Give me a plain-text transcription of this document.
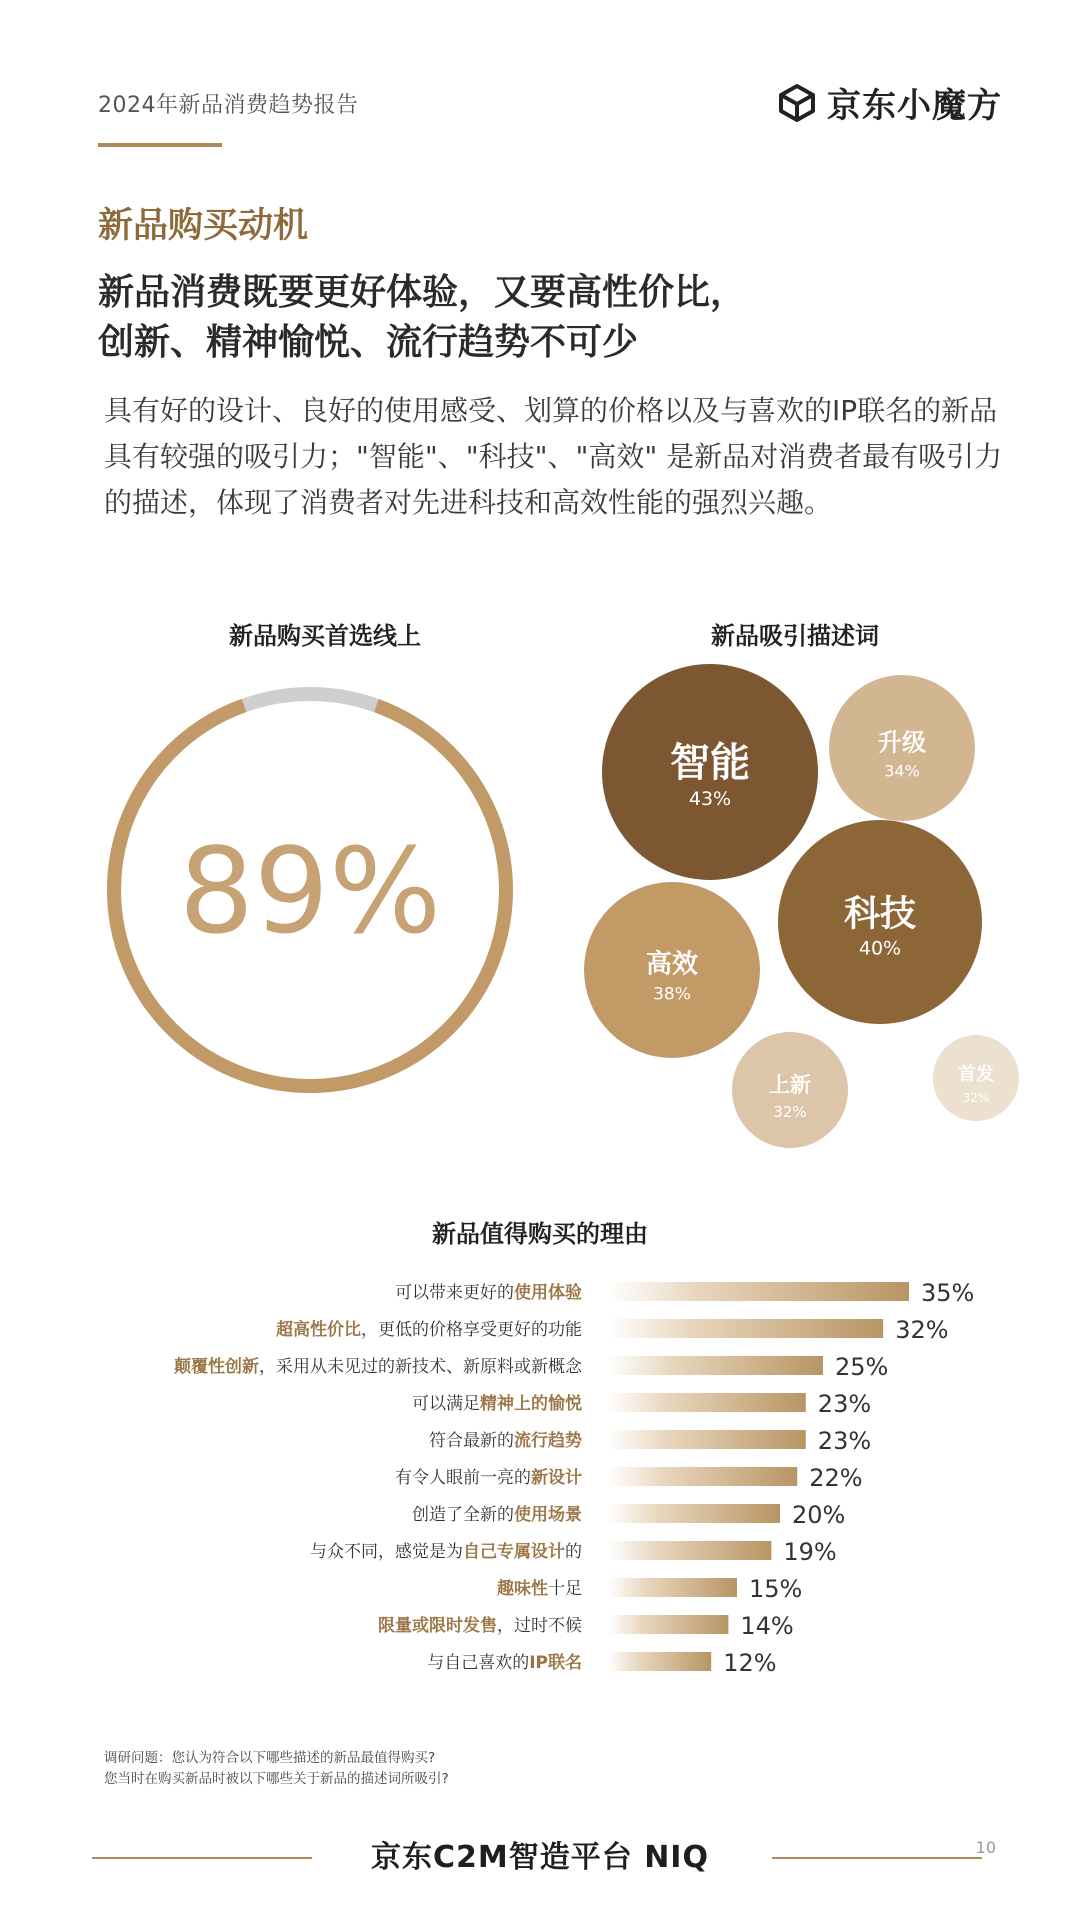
2024年新品消费趋势报告	京东小魔方
新品购买动机
新品消费既要更好体验，又要高性价比，
创新、精神愉悦、流行趋势不可少
具有好的设计、良好的使用感受、划算的价格以及与喜欢的IP联名的新品具有较强的吸引力；"智能"、"科技"、"高效" 是新品对消费者最有吸引力的描述，体现了消费者对先进科技和高效性能的强烈兴趣。
新品购买首选线上
89%
新品吸引描述词
智能
43%
升级
34%
科技
40%
高效
38%
上新
32%
首发
32%
新品值得购买的理由
可以带来更好的使用体验	35%
超高性价比，更低的价格享受更好的功能	32%
颠覆性创新，采用从未见过的新技术、新原料或新概念	25%
可以满足精神上的愉悦	23%
符合最新的流行趋势	23%
有令人眼前一亮的新设计	22%
创造了全新的使用场景	20%
与众不同，感觉是为自己专属设计的	19%
趣味性十足	15%
限量或限时发售，过时不候	14%
与自己喜欢的IP联名	12%
调研问题：您认为符合以下哪些描述的新品最值得购买?
您当时在购买新品时被以下哪些关于新品的描述词所吸引?
10
京东C2M智造平台 NIQ
